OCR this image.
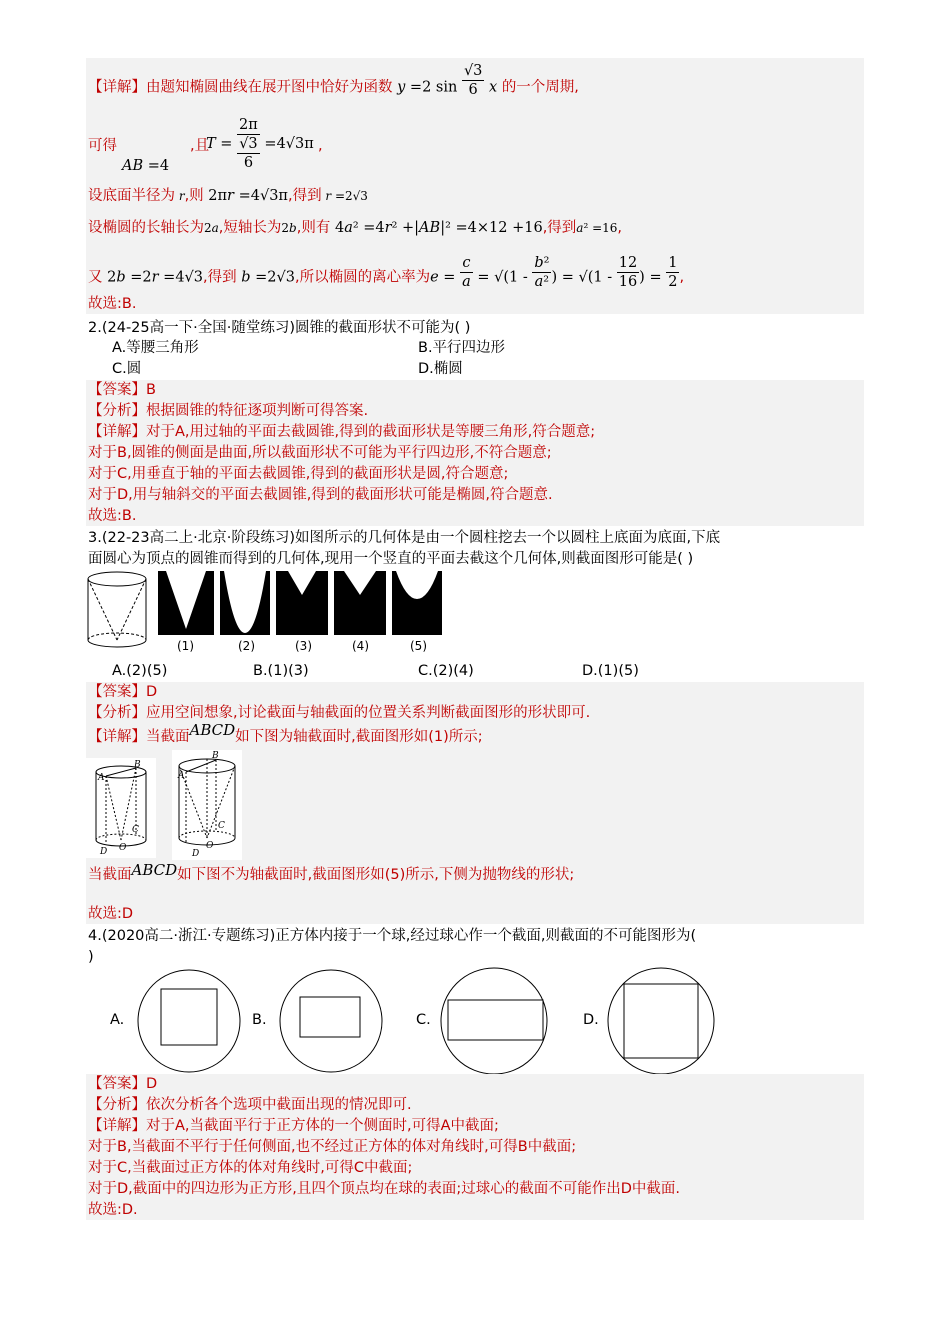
【详解】由题知椭圆曲线在展开图中恰好为函数 y =2 $\sin \frac{√3}{6}$ x 的一个周期,
可得
AB =4
T =
2π
√3
6
=4√3π
,且	,
设底面半径为 r,则 2πr =4√3π,得到 r =2√3
设椭圆的长轴长为2a,短轴长为2b,则有 4a² =4r² +|AB|² =4×12 +16,得到a² =16,
又 2b =2r =4√3,得到 b =2√3,所以椭圆的离心率为$e = \frac{c}{a} = √(1 - \frac{\text{b²}}{\text{a²}}$ ) = $√(1 - \frac{12}{16}$ ) = $\frac{1}{2}$ ,
故选:B.
2.(24-25高一下·全国·随堂练习)圆锥的截面形状不可能为( )
A.等腰三角形	B.平行四边形
C.圆	D.椭圆
【答案】B
【分析】根据圆锥的特征逐项判断可得答案.
【详解】对于A,用过轴的平面去截圆锥,得到的截面形状是等腰三角形,符合题意;
对于B,圆锥的侧面是曲面,所以截面形状不可能为平行四边形,不符合题意;
对于C,用垂直于轴的平面去截圆锥,得到的截面形状是圆,符合题意;
对于D,用与轴斜交的平面去截圆锥,得到的截面形状可能是椭圆,符合题意.
故选:B.
3.(22-23高二上·北京·阶段练习)如图所示的几何体是由一个圆柱挖去一个以圆柱上底面为底面,下底
面圆心为顶点的圆锥而得到的几何体,现用一个竖直的平面去截这个几何体,则截面图形可能是( )
(1)	(2)	(3)	(4)	(5)
A.(2)(5)	B.(1)(3)	C.(2)(4)	D.(1)(5)
【答案】D
【分析】应用空间想象,讨论截面与轴截面的位置关系判断截面图形的形状即可.
【详解】当截面ABCD如下图为轴截面时,截面图形如(1)所示;
A
B
C
O
D
A
B
C
O
D
当截面ABCD如下图不为轴截面时,截面图形如(5)所示,下侧为抛物线的形状;
故选:D
4.(2020高二·浙江·专题练习)正方体内接于一个球,经过球心作一个截面,则截面的不可能图形为(
)
A.	B.	C.	D.
【答案】D
【分析】依次分析各个选项中截面出现的情况即可.
【详解】对于A,当截面平行于正方体的一个侧面时,可得A中截面;
对于B,当截面不平行于任何侧面,也不经过正方体的体对角线时,可得B中截面;
对于C,当截面过正方体的体对角线时,可得C中截面;
对于D,截面中的四边形为正方形,且四个顶点均在球的表面;过球心的截面不可能作出D中截面.
故选:D.
